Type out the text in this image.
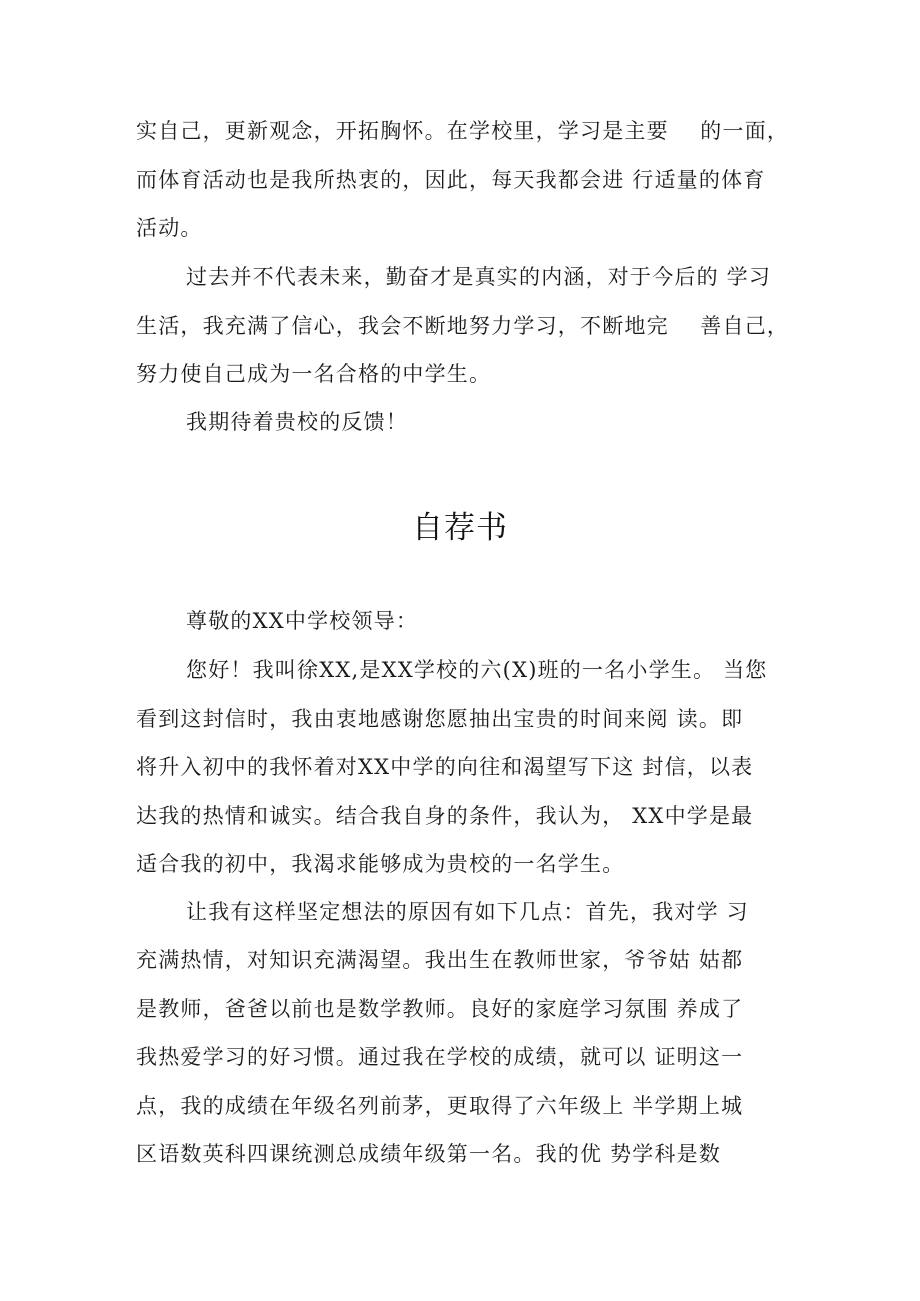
实自己，更新观念，开拓胸怀。在学校里，学习是主要    的一面，
而体育活动也是我所热衷的，因此，每天我都会进 行适量的体育
活动。
过去并不代表未来，勤奋才是真实的内涵，对于今后的 学习
生活，我充满了信心，我会不断地努力学习，不断地完    善自己，
努力使自己成为一名合格的中学生。
我期待着贵校的反馈！
自荐书
尊敬的XX中学校领导：
您好！我叫徐XX,是XX学校的六(X)班的一名小学生。 当您
看到这封信时，我由衷地感谢您愿抽出宝贵的时间来阅 读。即
将升入初中的我怀着对XX中学的向往和渴望写下这 封信，以表
达我的热情和诚实。结合我自身的条件，我认为， XX中学是最
适合我的初中，我渴求能够成为贵校的一名学生。
让我有这样坚定想法的原因有如下几点：首先，我对学 习
充满热情，对知识充满渴望。我出生在教师世家，爷爷姑 姑都
是教师，爸爸以前也是数学教师。良好的家庭学习氛围 养成了
我热爱学习的好习惯。通过我在学校的成绩，就可以 证明这一
点，我的成绩在年级名列前茅，更取得了六年级上 半学期上城
区语数英科四课统测总成绩年级第一名。我的优 势学科是数
